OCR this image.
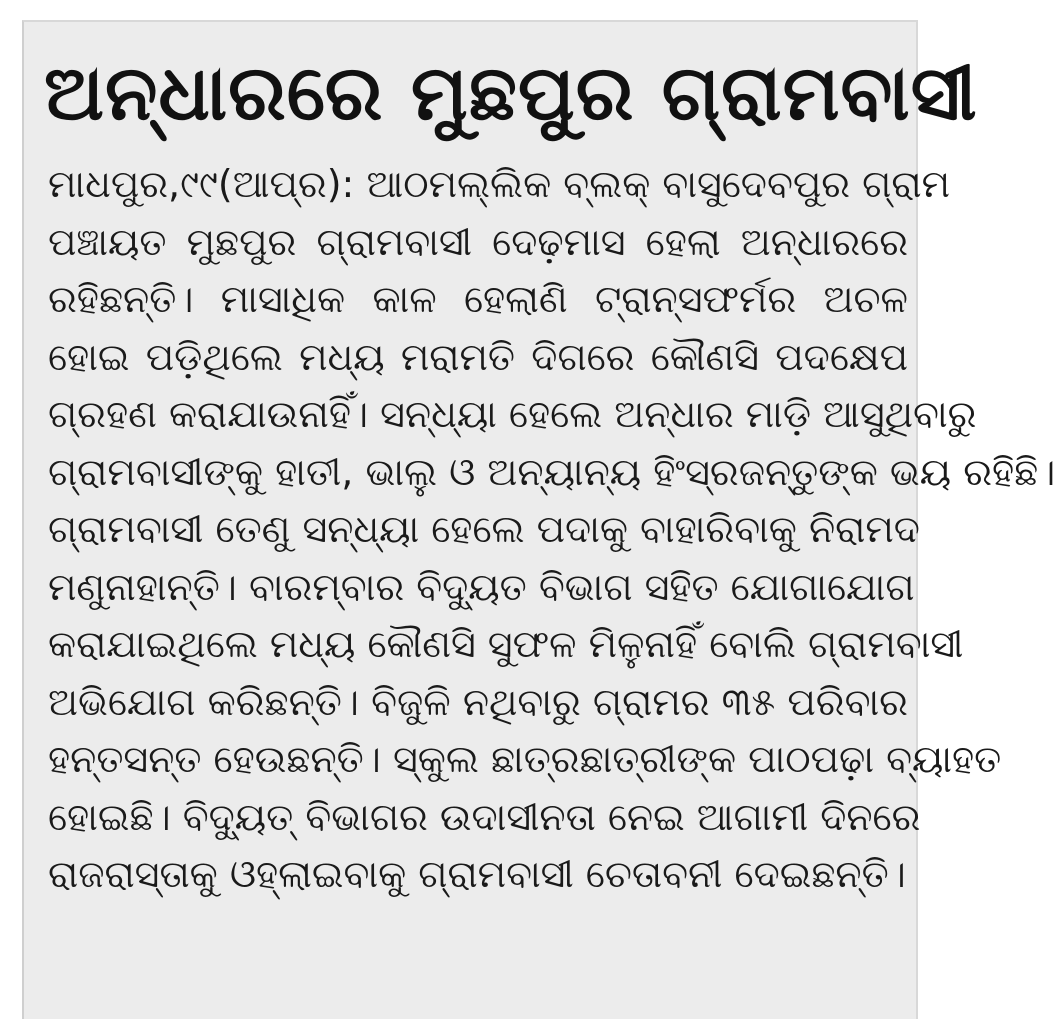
ଅନ୍ଧାରରେ ମୁଛପୁର ଗ୍ରାମବାସୀ
ମାଧପୁର,୯୯(ଆପ୍ର): ଆଠମଲ୍ଲିକ ବ୍ଲକ୍ ବାସୁଦେବପୁର ଗ୍ରାମ
ପଞ୍ଚାୟତ ମୁଛପୁର ଗ୍ରାମବାସୀ ଦେଢ଼ମାସ ହେଲା ଅନ୍ଧାରରେ
ରହିଛନ୍ତି। ମାସାଧିକ କାଳ ହେଲାଣି ଟ୍ରାନ୍ସଫର୍ମର ଅଚଳ
ହୋଇ ପଡ଼ିଥିଲେ ମଧ୍ୟ ମରାମତି ଦିଗରେ କୌଣସି ପଦକ୍ଷେପ
ଗ୍ରହଣ କରାଯାଉନାହିଁ। ସନ୍ଧ୍ୟା ହେଲେ ଅନ୍ଧାର ମାଡ଼ି ଆସୁଥିବାରୁ
ଗ୍ରାମବାସୀଙ୍କୁ ହାତୀ, ଭାଲୁ ଓ ଅନ୍ୟାନ୍ୟ ହିଂସ୍ରଜନ୍ତୁଙ୍କ ଭୟ ରହିଛି।
ଗ୍ରାମବାସୀ ତେଣୁ ସନ୍ଧ୍ୟା ହେଲେ ପଦାକୁ ବାହାରିବାକୁ ନିରାମଦ
ମଣୁନାହାନ୍ତି। ବାରମ୍ବାର ବିଦ୍ୟୁତ ବିଭାଗ ସହିତ ଯୋଗାଯୋଗ
କରାଯାଇଥିଲେ ମଧ୍ୟ କୌଣସି ସୁଫଳ ମିଳୁନାହିଁ ବୋଲି ଗ୍ରାମବାସୀ
ଅଭିଯୋଗ କରିଛନ୍ତି। ବିଜୁଳି ନଥିବାରୁ ଗ୍ରାମର ୩୫ ପରିବାର
ହନ୍ତସନ୍ତ ହେଉଛନ୍ତି। ସ୍କୁଲ ଛାତ୍ରଛାତ୍ରୀଙ୍କ ପାଠପଢ଼ା ବ୍ୟାହତ
ହୋଇଛି। ବିଦ୍ୟୁତ୍ ବିଭାଗର ଉଦାସୀନତା ନେଇ ଆଗାମୀ ଦିନରେ
ରାଜରାସ୍ତାକୁ ଓହ୍ଲାଇବାକୁ ଗ୍ରାମବାସୀ ଚେତାବନୀ ଦେଇଛନ୍ତି।
